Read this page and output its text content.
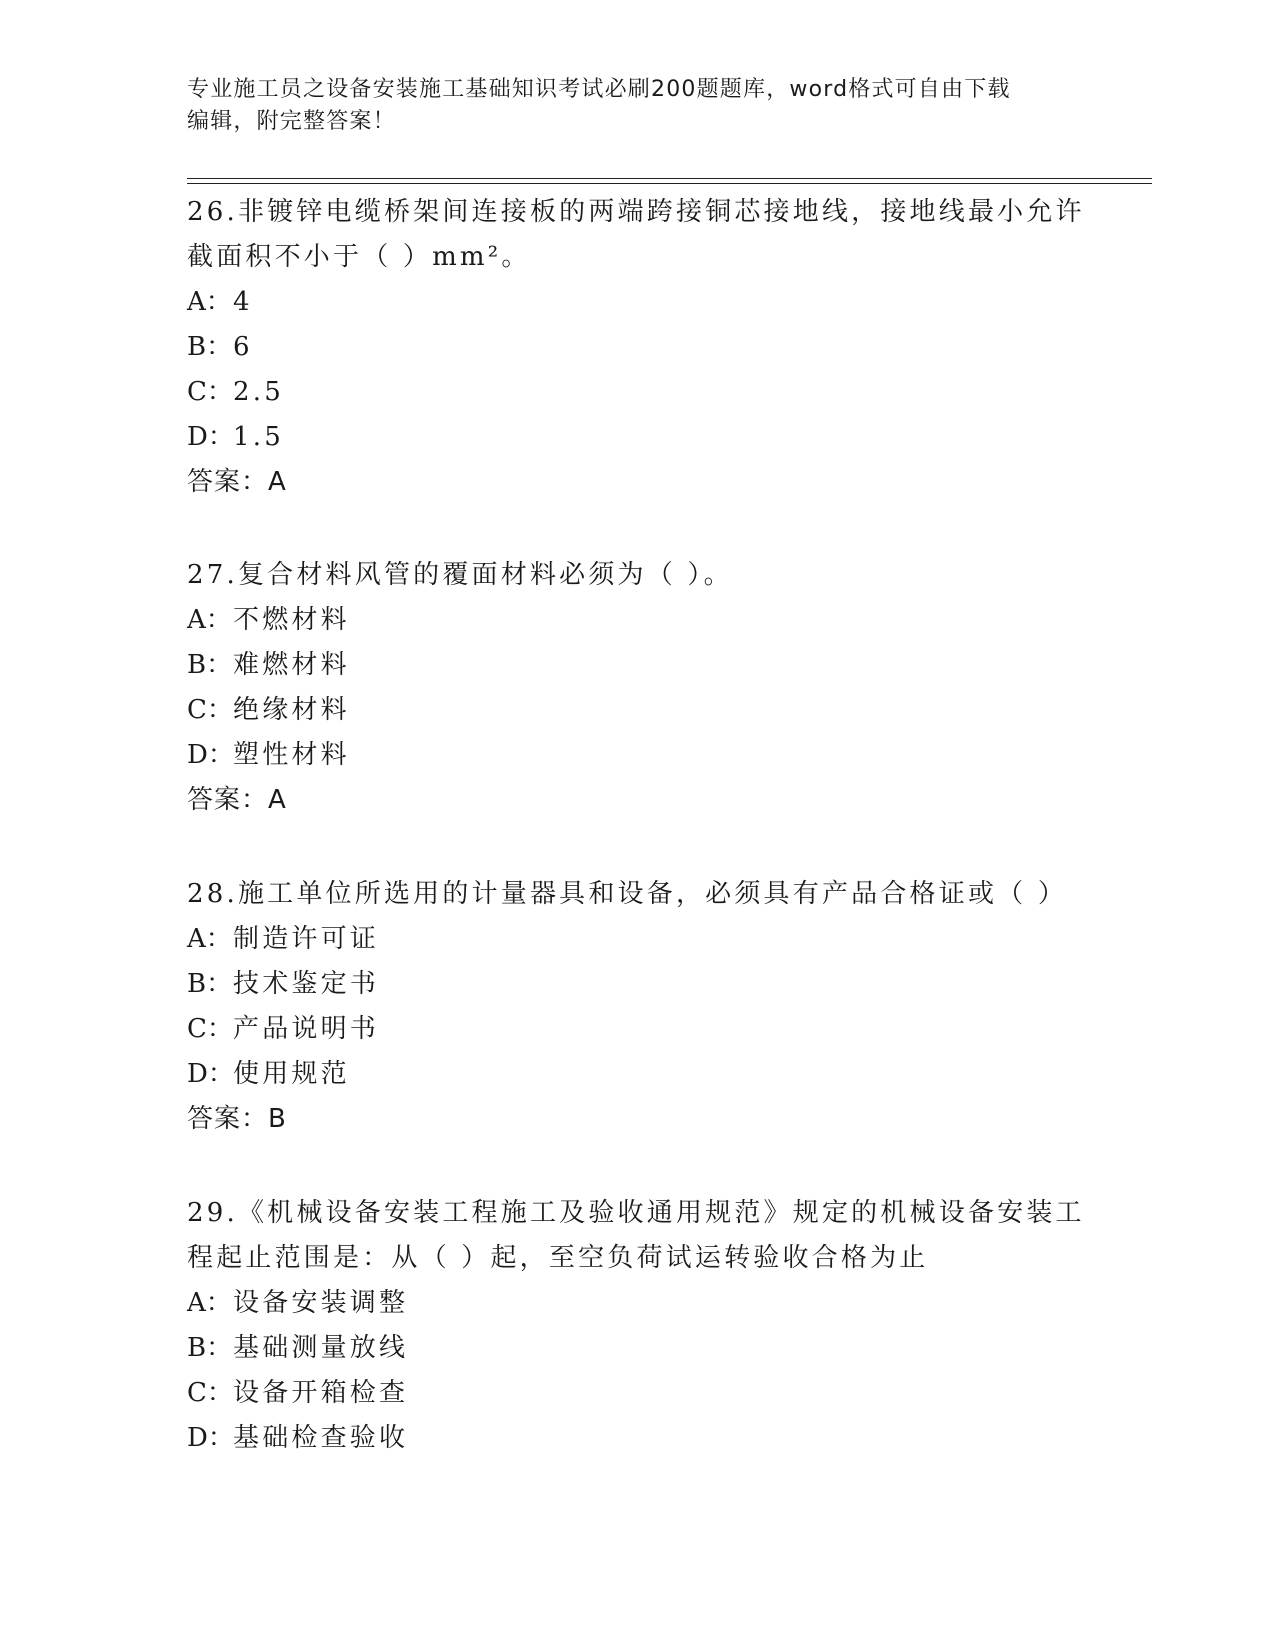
专业施工员之设备安装施工基础知识考试必刷200题题库，word格式可自由下载
编辑，附完整答案！

26.非镀锌电缆桥架间连接板的两端跨接铜芯接地线，接地线最小允许

截面积不小于（ ）mm²。

A：4

B：6

C：2.5

D：1.5

答案：A

27.复合材料风管的覆面材料必须为（ ）。

A：不燃材料

B：难燃材料

C：绝缘材料

D：塑性材料

答案：A

28.施工单位所选用的计量器具和设备，必须具有产品合格证或（ ）

A：制造许可证

B：技术鉴定书

C：产品说明书

D：使用规范

答案：B

29.《机械设备安装工程施工及验收通用规范》规定的机械设备安装工

程起止范围是：从（ ）起，至空负荷试运转验收合格为止

A：设备安装调整

B：基础测量放线

C：设备开箱检查

D：基础检查验收
